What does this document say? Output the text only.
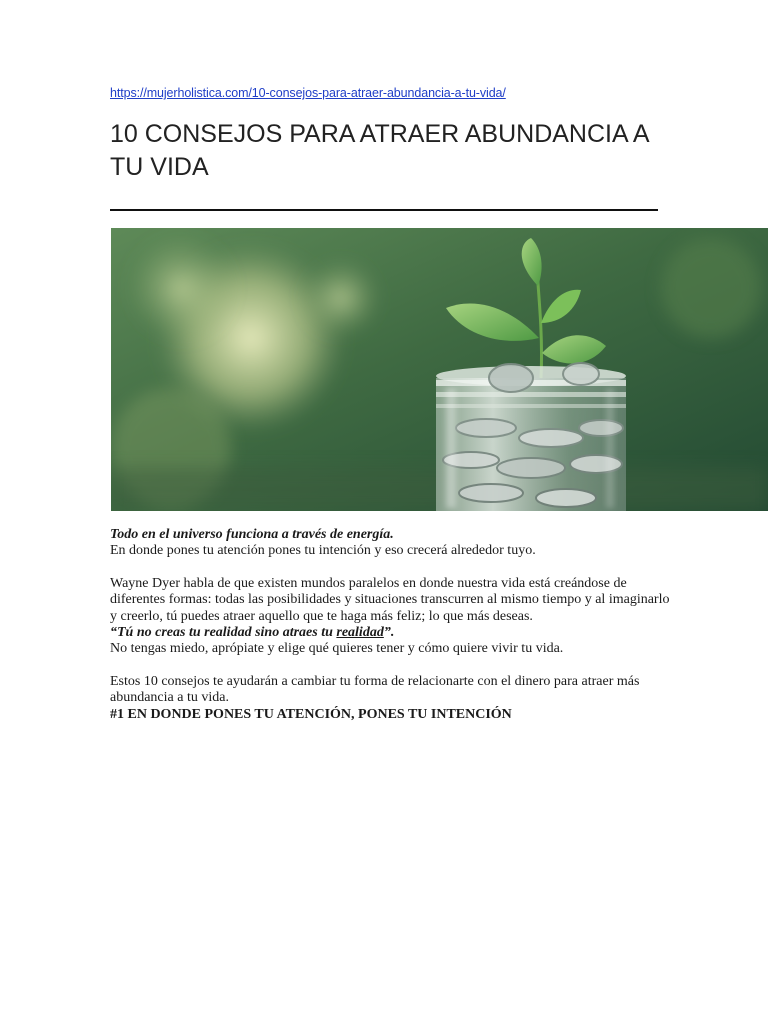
https://mujerholistica.com/10-consejos-para-atraer-abundancia-a-tu-vida/
10 CONSEJOS PARA ATRAER ABUNDANCIA A TU VIDA

Todo en el universo funciona a través de energía.
En donde pones tu atención pones tu intención y eso crecerá alrededor tuyo.

Wayne Dyer habla de que existen mundos paralelos en donde nuestra vida está creándose de diferentes formas: todas las posibilidades y situaciones transcurren al mismo tiempo y al imaginarlo y creerlo, tú puedes atraer aquello que te haga más feliz; lo que más deseas.

“Tú no creas tu realidad sino atraes tu realidad”.

No tengas miedo, aprópiate y elige qué quieres tener y cómo quiere vivir tu vida.

Estos 10 consejos te ayudarán a cambiar tu forma de relacionarte con el dinero para atraer más abundancia a tu vida.

#1 EN DONDE PONES TU ATENCIÓN, PONES TU INTENCIÓN
